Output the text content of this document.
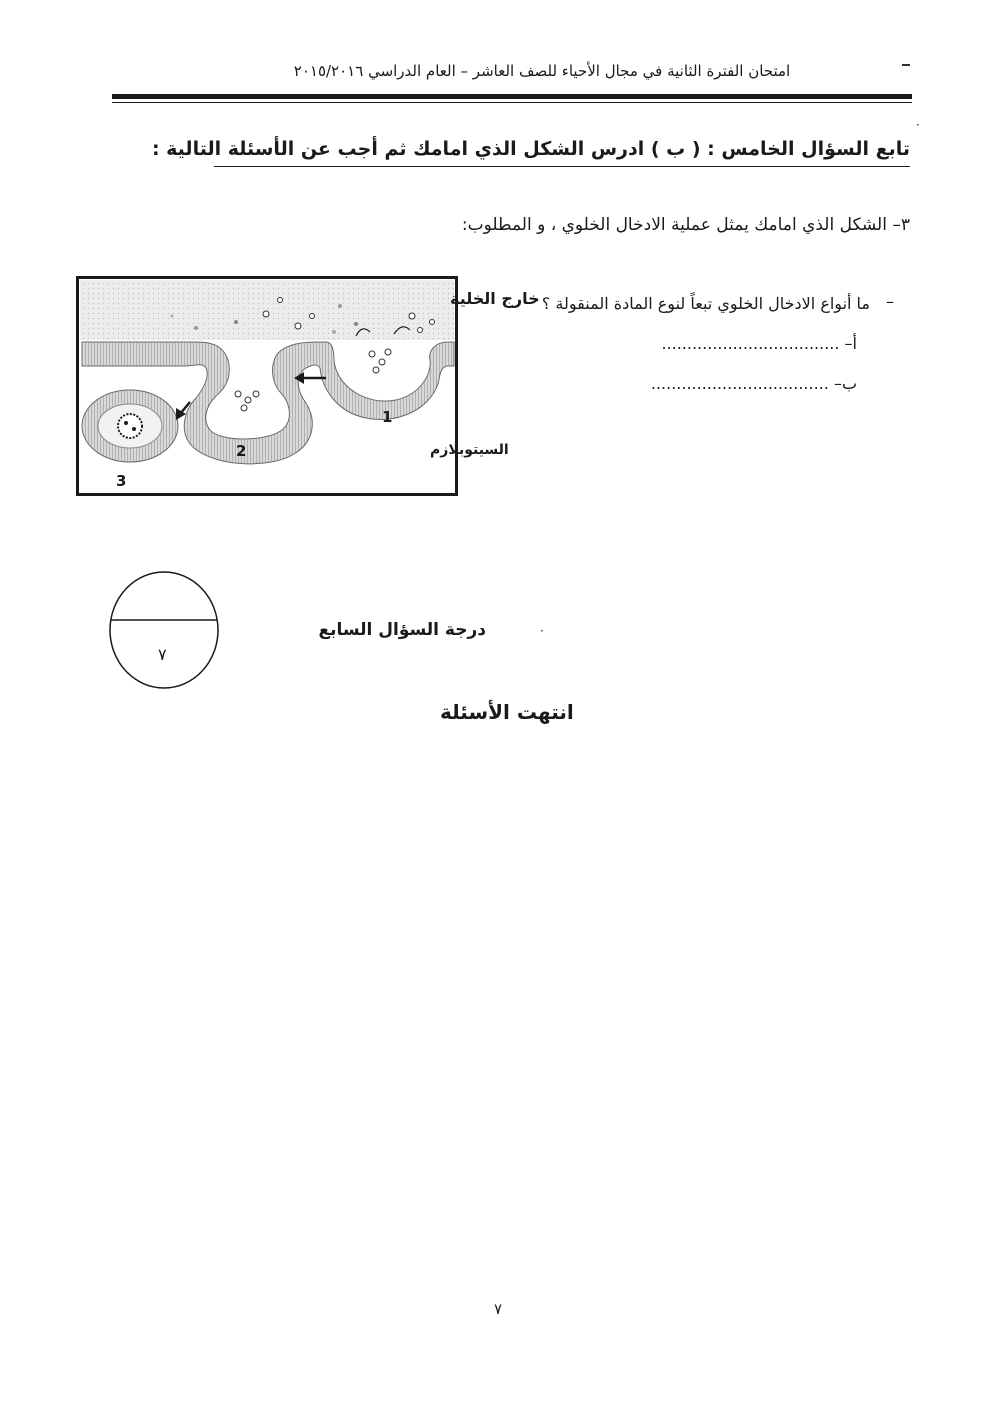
امتحان الفترة الثانية في مجال الأحياء للصف العاشر – العام الدراسي ٢٠١٥/٢٠١٦
·
تابع السؤال الخامس : ( ب ) ادرس الشكل الذي امامك ثم أجب عن الأسئلة التالية :
٣– الشكل الذي امامك يمثل عملية الادخال الخلوي ، و المطلوب:
–
ما أنواع الادخال الخلوي تبعاً لنوع المادة المنقولة ؟
أ– ...................................
ب– ...................................
خارج الخلية
1
2
3
السيتوبلازم
٧
·
درجة السؤال السابع
انتهت الأسئلة
٧
